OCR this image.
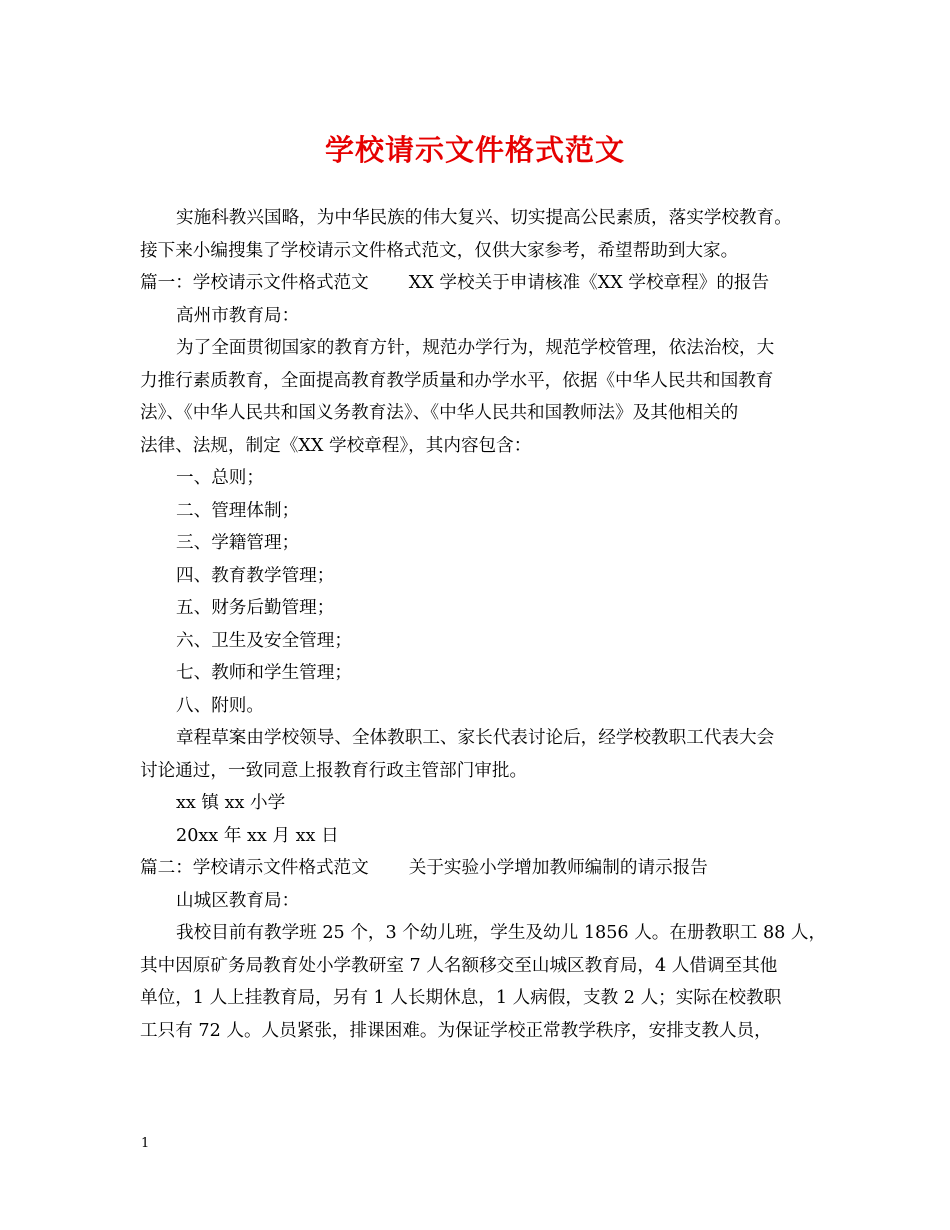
学校请示文件格式范文

实施科教兴国略，为中华民族的伟大复兴、切实提高公民素质，落实学校教育。

接下来小编搜集了学校请示文件格式范文，仅供大家参考，希望帮助到大家。

篇一：学校请示文件格式范文 XX 学校关于申请核准《XX 学校章程》的报告

高州市教育局：

为了全面贯彻国家的教育方针，规范办学行为，规范学校管理，依法治校，大

力推行素质教育，全面提高教育教学质量和办学水平，依据《中华人民共和国教育

法》、《中华人民共和国义务教育法》、《中华人民共和国教师法》及其他相关的

法律、法规，制定《XX 学校章程》，其内容包含：

一、总则；

二、管理体制；

三、学籍管理；

四、教育教学管理；

五、财务后勤管理；

六、卫生及安全管理；

七、教师和学生管理；

八、附则。

章程草案由学校领导、全体教职工、家长代表讨论后，经学校教职工代表大会

讨论通过，一致同意上报教育行政主管部门审批。

xx 镇 xx 小学

20xx 年 xx 月 xx 日

篇二：学校请示文件格式范文 关于实验小学增加教师编制的请示报告

山城区教育局：

我校目前有教学班 25 个，3 个幼儿班，学生及幼儿 1856 人。在册教职工 88 人，

其中因原矿务局教育处小学教研室 7 人名额移交至山城区教育局，4 人借调至其他

单位，1 人上挂教育局，另有 1 人长期休息，1 人病假，支教 2 人；实际在校教职

工只有 72 人。人员紧张，排课困难。为保证学校正常教学秩序，安排支教人员，

1
